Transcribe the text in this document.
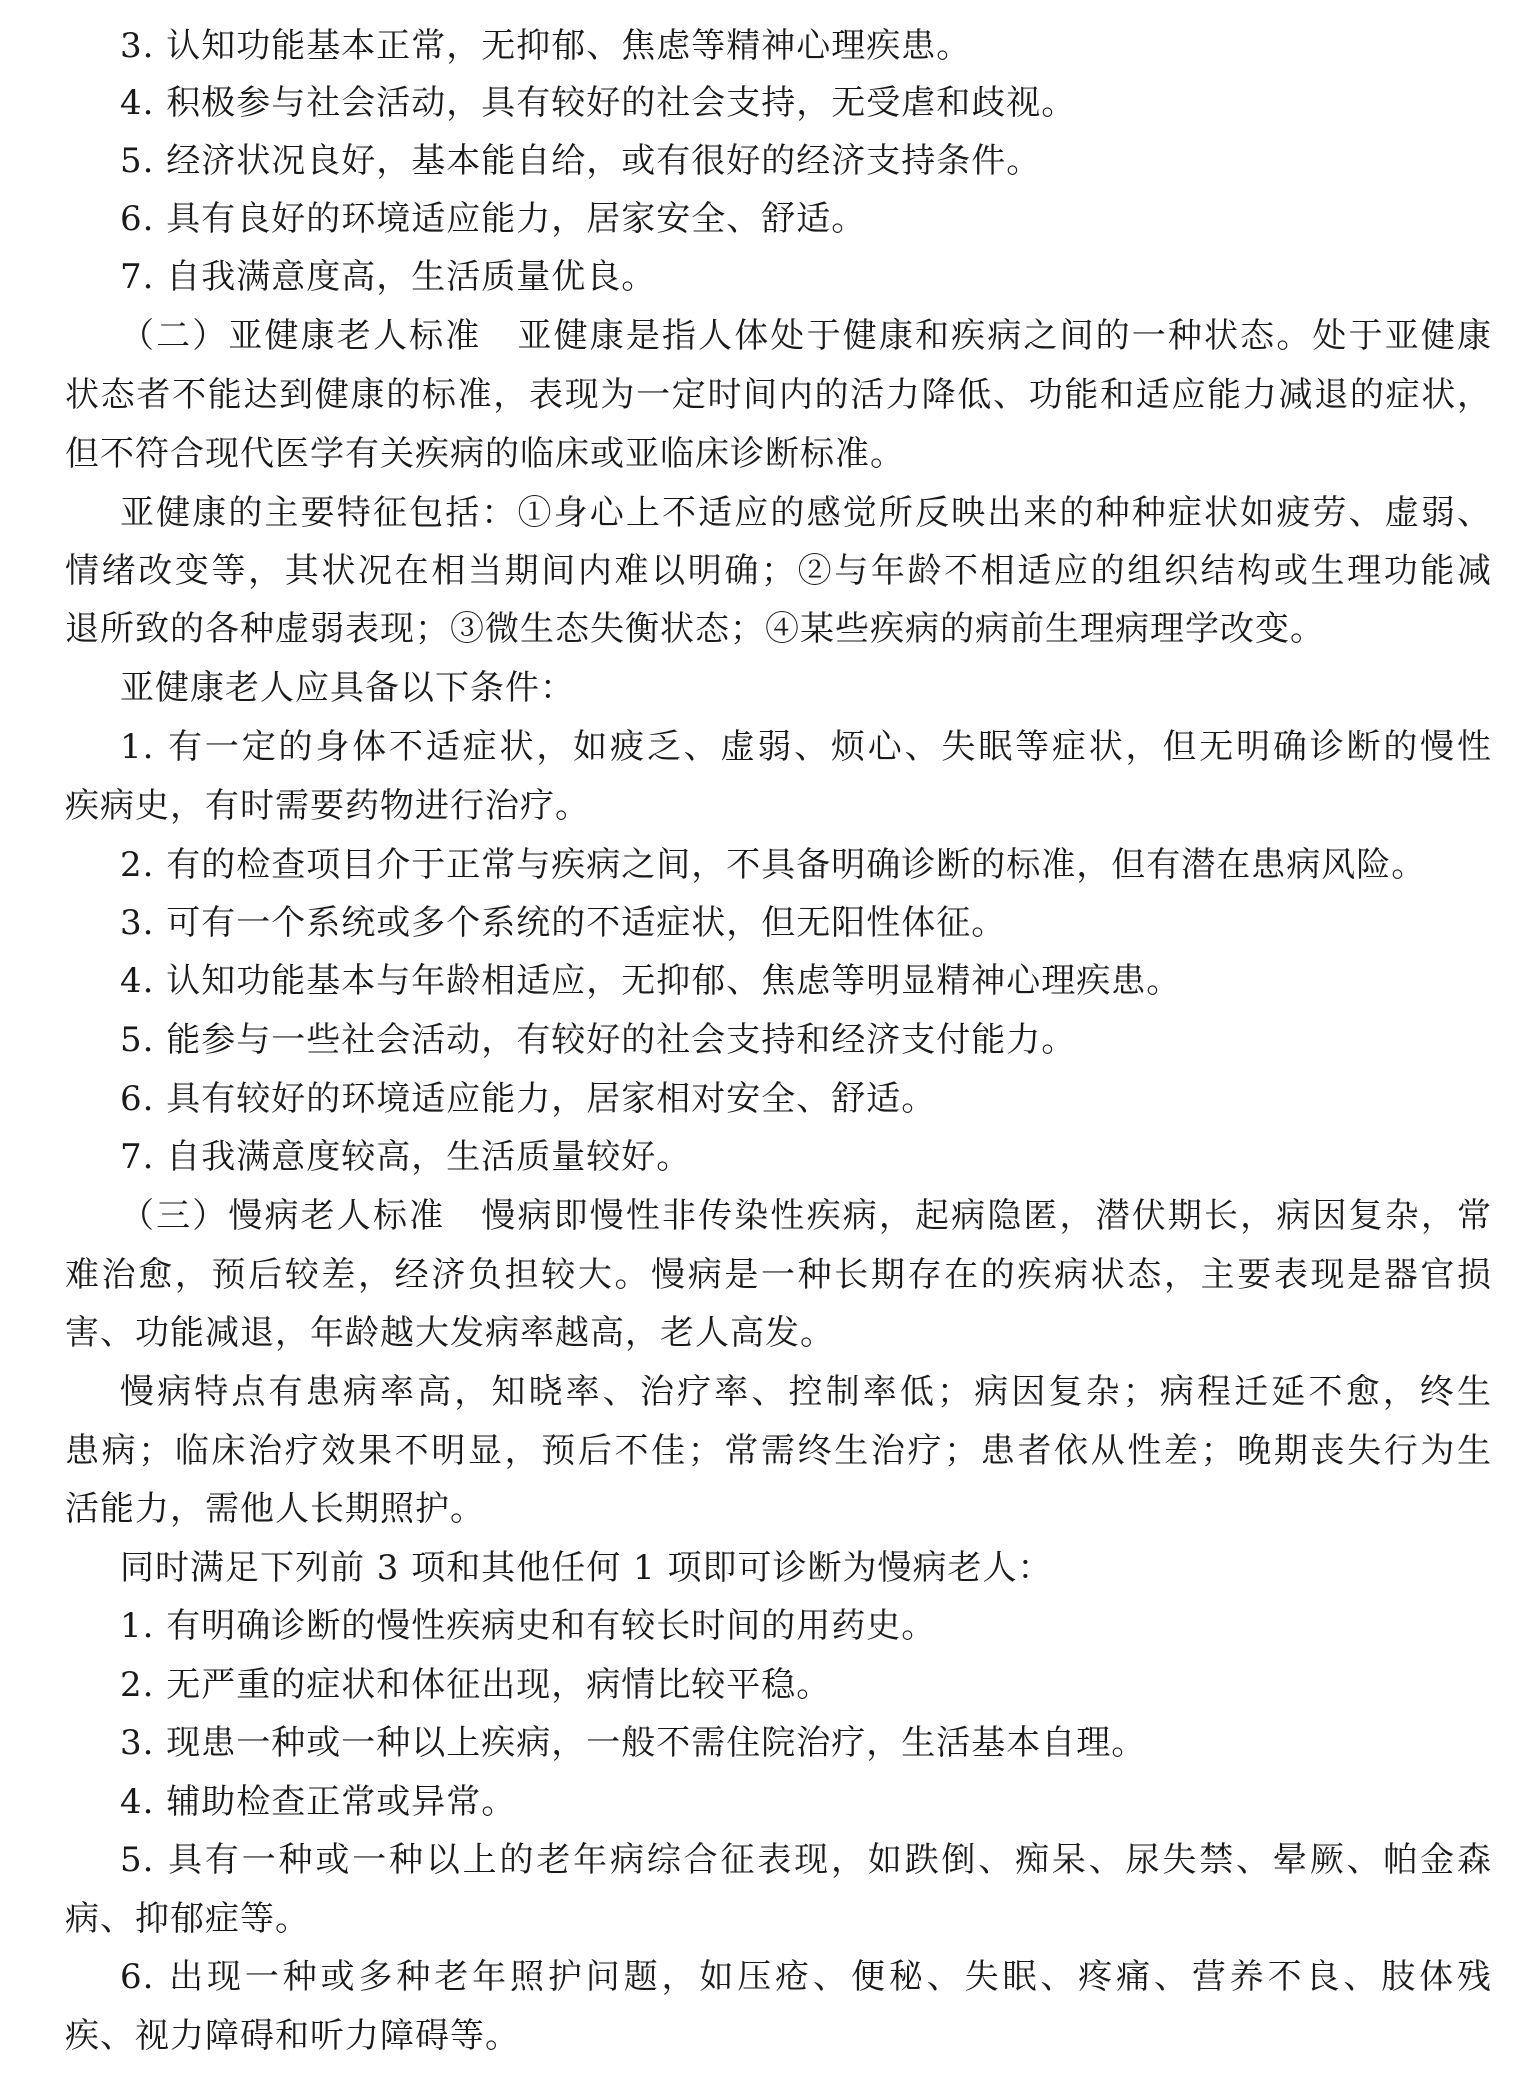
3. 认知功能基本正常，无抑郁、焦虑等精神心理疾患。
4. 积极参与社会活动，具有较好的社会支持，无受虐和歧视。
5. 经济状况良好，基本能自给，或有很好的经济支持条件。
6. 具有良好的环境适应能力，居家安全、舒适。
7. 自我满意度高，生活质量优良。
（二）亚健康老人标准　亚健康是指人体处于健康和疾病之间的一种状态。处于亚健康
状态者不能达到健康的标准，表现为一定时间内的活力降低、功能和适应能力减退的症状，
但不符合现代医学有关疾病的临床或亚临床诊断标准。
亚健康的主要特征包括：①身心上不适应的感觉所反映出来的种种症状如疲劳、虚弱、
情绪改变等，其状况在相当期间内难以明确；②与年龄不相适应的组织结构或生理功能减
退所致的各种虚弱表现；③微生态失衡状态；④某些疾病的病前生理病理学改变。
亚健康老人应具备以下条件：
1. 有一定的身体不适症状，如疲乏、虚弱、烦心、失眠等症状，但无明确诊断的慢性
疾病史，有时需要药物进行治疗。
2. 有的检查项目介于正常与疾病之间，不具备明确诊断的标准，但有潜在患病风险。
3. 可有一个系统或多个系统的不适症状，但无阳性体征。
4. 认知功能基本与年龄相适应，无抑郁、焦虑等明显精神心理疾患。
5. 能参与一些社会活动，有较好的社会支持和经济支付能力。
6. 具有较好的环境适应能力，居家相对安全、舒适。
7. 自我满意度较高，生活质量较好。
（三）慢病老人标准　慢病即慢性非传染性疾病，起病隐匿，潜伏期长，病因复杂，常
难治愈，预后较差，经济负担较大。慢病是一种长期存在的疾病状态，主要表现是器官损
害、功能减退，年龄越大发病率越高，老人高发。
慢病特点有患病率高，知晓率、治疗率、控制率低；病因复杂；病程迁延不愈，终生
患病；临床治疗效果不明显，预后不佳；常需终生治疗；患者依从性差；晚期丧失行为生
活能力，需他人长期照护。
同时满足下列前 3 项和其他任何 1 项即可诊断为慢病老人：
1. 有明确诊断的慢性疾病史和有较长时间的用药史。
2. 无严重的症状和体征出现，病情比较平稳。
3. 现患一种或一种以上疾病，一般不需住院治疗，生活基本自理。
4. 辅助检查正常或异常。
5. 具有一种或一种以上的老年病综合征表现，如跌倒、痴呆、尿失禁、晕厥、帕金森
病、抑郁症等。
6. 出现一种或多种老年照护问题，如压疮、便秘、失眠、疼痛、营养不良、肢体残
疾、视力障碍和听力障碍等。
